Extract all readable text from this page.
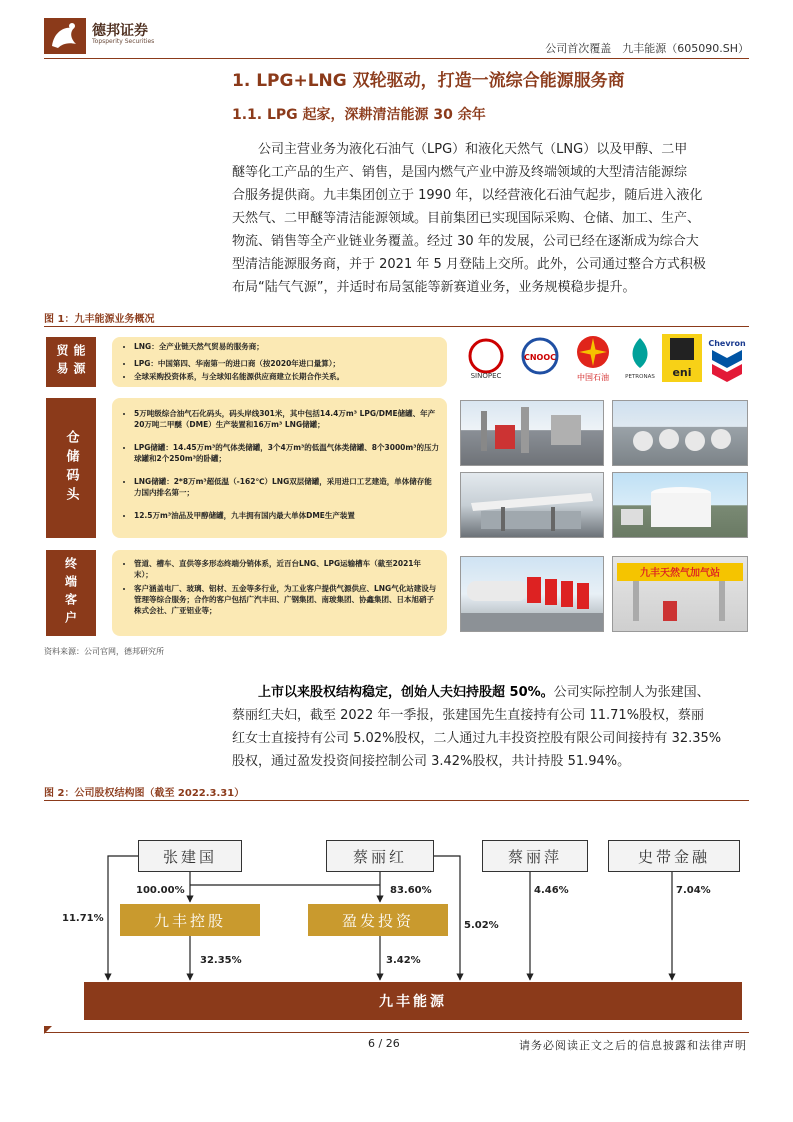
德邦证券
Topsperity Securities
公司首次覆盖　九丰能源（605090.SH）
1. LPG+LNG 双轮驱动，打造一流综合能源服务商
1.1. LPG 起家，深耕清洁能源 30 余年

　　公司主营业务为液化石油气（LPG）和液化天然气（LNG）以及甲醇、二甲

醚等化工产品的生产、销售，是国内燃气产业中游及终端领域的大型清洁能源综

合服务提供商。九丰集团创立于 1990 年，以经营液化石油气起步，随后进入液化

天然气、二甲醚等清洁能源领域。目前集团已实现国际采购、仓储、加工、生产、

物流、销售等全产业链业务覆盖。经过 30 年的发展，公司已经在逐渐成为综合大

型清洁能源服务商，并于 2021 年 5 月登陆上交所。此外，公司通过整合方式积极

布局“陆气气源”，并适时布局氢能等新赛道业务，业务规模稳步提升。

图 1：九丰能源业务概况
能源贸易	• LNG：全产业链天然气贸易的服务商；
• LPG：中国第四、华南第一的进口商（按2020年进口量算）；
• 全球采购投资体系，与全球知名能源供应商建立长期合作关系。	SINOPEC
CNOOC
中国石油	PETRONAS eni
Chevron
仓储码头
• 5万吨级综合油气石化码头，码头岸线301米，其中包括14.4万m³ LPG/DME储罐、年产20万吨二甲醚（DME）生产装置和16万m³ LNG储罐；
• LPG储罐：14.45万m³的气体类储罐，3个4万m³的低温气体类储罐、8个3000m³的压力球罐和2个250m³的卧罐；
• LNG储罐：2*8万m³超低温（-162℃）LNG双层储罐，采用进口工艺建造，单体储存能力国内排名第一；
• 12.5万m³油品及甲醇储罐，九丰拥有国内最大单体DME生产装置
终端客户	• 管道、槽车、直供等多形态终端分销体系，近百台LNG、LPG运输槽车（截至2021年末）；
• 客户涵盖电厂、玻璃、铝材、五金等多行业，为工业客户提供气源供应、LNG气化站建设与管理等综合服务；合作的客户包括广汽丰田、广钢集团、南玻集团、协鑫集团、日本旭硝子株式会社、广亚铝业等；
九丰天然气加气站
资料来源：公司官网，德邦研究所

　　上市以来股权结构稳定，创始人夫妇持股超 50%。公司实际控制人为张建国、

蔡丽红夫妇，截至 2022 年一季报，张建国先生直接持有公司 11.71%股权，蔡丽

红女士直接持有公司 5.02%股权，二人通过九丰投资控股有限公司间接持有 32.35%

股权，通过盈发投资间接控制公司 3.42%股权，共计持股 51.94%。

图 2：公司股权结构图（截至 2022.3.31）
张建国	蔡丽红	蔡丽萍	史带金融
九丰控股	盈发投资
100.00%	83.60%
11.71%
5.02%
4.46%	7.04%
32.35%	3.42%
九丰能源
6 / 26	请务必阅读正文之后的信息披露和法律声明
